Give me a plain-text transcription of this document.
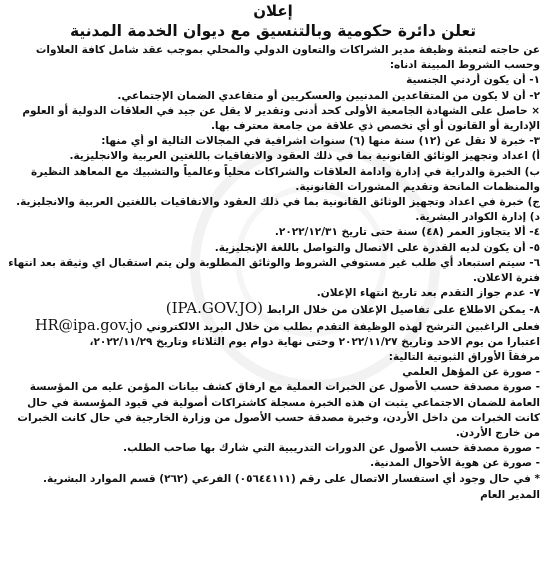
إعلان

تعلن دائرة حكومية وبالتنسيق مع ديوان الخدمة المدنية

عن حاجته لتعبئة وظيفة مدير الشراكات والتعاون الدولي والمحلي بموجب عقد شامل كافة العلاوات وحسب الشروط المبينة ادناه:
١- أن يكون أردني الجنسية
٢- أن لا يكون من المتقاعدين المدنيين والعسكريين أو متقاعدي الضمان الإجتماعي.
× حاصل على الشهادة الجامعية الأولى كحد أدنى وتقدير لا يقل عن جيد في العلاقات الدولية أو العلوم الإدارية أو القانون أو أي تخصص ذي علاقة من جامعة معترف بها.
٣- خبرة لا تقل عن (١٢) سنة منها (٦) سنوات اشرافية في المجالات التالية او أي منها:
أ) اعداد وتجهيز الوثائق القانونية بما في ذلك العقود والاتفاقيات باللغتين العربية والانجليزية.
ب) الخبرة والدراية في إدارة وادامة العلاقات والشراكات محلياً وعالمياً والتشبيك مع المعاهد النظيرة والمنظمات المانحة وتقديم المشورات القانونية.
ج) خبرة في اعداد وتجهيز الوثائق القانونية بما في ذلك العقود والاتفاقيات باللغتين العربية والانجليزية.
د) إدارة الكوادر البشرية.
٤- ألا يتجاوز العمر (٤٨) سنة حتى تاريخ ٢٠٢٢/١٢/٣١.
٥- أن يكون لديه القدرة على الاتصال والتواصل باللغة الإنجليزية.
٦- سيتم استبعاد أي طلب غير مستوفي الشروط والوثائق المطلوبة ولن يتم استقبال اي وثيقة بعد انتهاء فترة الاعلان.
٧- عدم جواز التقدم بعد تاريخ انتهاء الإعلان.
٨- يمكن الاطلاع على تفاصيل الإعلان من خلال الرابط (IPA.GOV.JO)
فعلى الراغبين الترشح لهذه الوظيفة التقدم بطلب من خلال البريد الالكتروني HR@ipa.gov.jo
اعتبارا من يوم الاحد وتاريخ ٢٠٢٢/١١/٢٧ وحتى نهاية دوام يوم الثلاثاء وتاريخ ٢٠٢٢/١١/٢٩،
مرفقاً الأوراق الثبوتية التالية:
- صورة عن المؤهل العلمي
- صورة مصدقة حسب الأصول عن الخبرات العملية مع ارفاق كشف بيانات المؤمن عليه من المؤسسة العامة للضمان الاجتماعي يثبت ان هذه الخبرة مسجلة كاشتراكات أصولية في قيود المؤسسة في حال كانت الخبرات من داخل الأردن، وخبرة مصدقة حسب الأصول من وزارة الخارجية في حال كانت الخبرات من خارج الأردن.
- صورة مصدقة حسب الأصول عن الدورات التدريبية التي شارك بها صاحب الطلب.
- صورة عن هوية الأحوال المدنية.
* في حال وجود أي استفسار الاتصال على رقم (٠٥٦٤٤١١١) الفرعي (٢٦٢) قسم الموارد البشرية.
المدير العام
